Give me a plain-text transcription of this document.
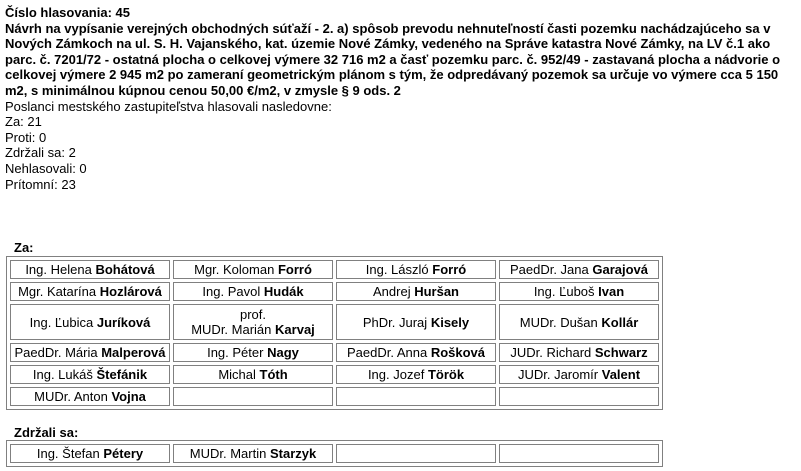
Číslo hlasovania: 45
Návrh na vypísanie verejných obchodných súťaží - 2. a) spôsob prevodu nehnuteľností časti pozemku nachádzajúceho sa v
Nových Zámkoch na ul. S. H. Vajanského, kat. územie Nové Zámky, vedeného na Správe katastra Nové Zámky, na LV č.1 ako
parc. č. 7201/72 - ostatná plocha o celkovej výmere 32 716 m2 a časť pozemku parc. č. 952/49 - zastavaná plocha a nádvorie o
celkovej výmere 2 945 m2 po zameraní geometrickým plánom s tým, že odpredávaný pozemok sa určuje vo výmere cca 5 150
m2, s minimálnou kúpnou cenou 50,00 €/m2, v zmysle § 9 ods. 2
Poslanci mestského zastupiteľstva hlasovali nasledovne:
Za: 21
Proti: 0
Zdržali sa: 2
Nehlasovali: 0
Prítomní: 23
Za:
Ing. Helena Bohátová	Mgr. Koloman Forró	Ing. László Forró	PaedDr. Jana Garajová

Mgr. Katarína Hozlárová	Ing. Pavol Hudák	Andrej Huršan	Ing. Ľuboš Ivan

Ing. Ľubica Juríková	prof.
MUDr. Marián Karvaj	PhDr. Juraj Kisely	MUDr. Dušan Kollár

PaedDr. Mária Malperová	Ing. Péter Nagy	PaedDr. Anna Rošková	JUDr. Richard Schwarz

Ing. Lukáš Štefánik	Michal Tóth	Ing. Jozef Török	JUDr. Jaromír Valent

MUDr. Anton Vojna			

Zdržali sa:
Ing. Štefan Pétery	MUDr. Martin Starzyk
